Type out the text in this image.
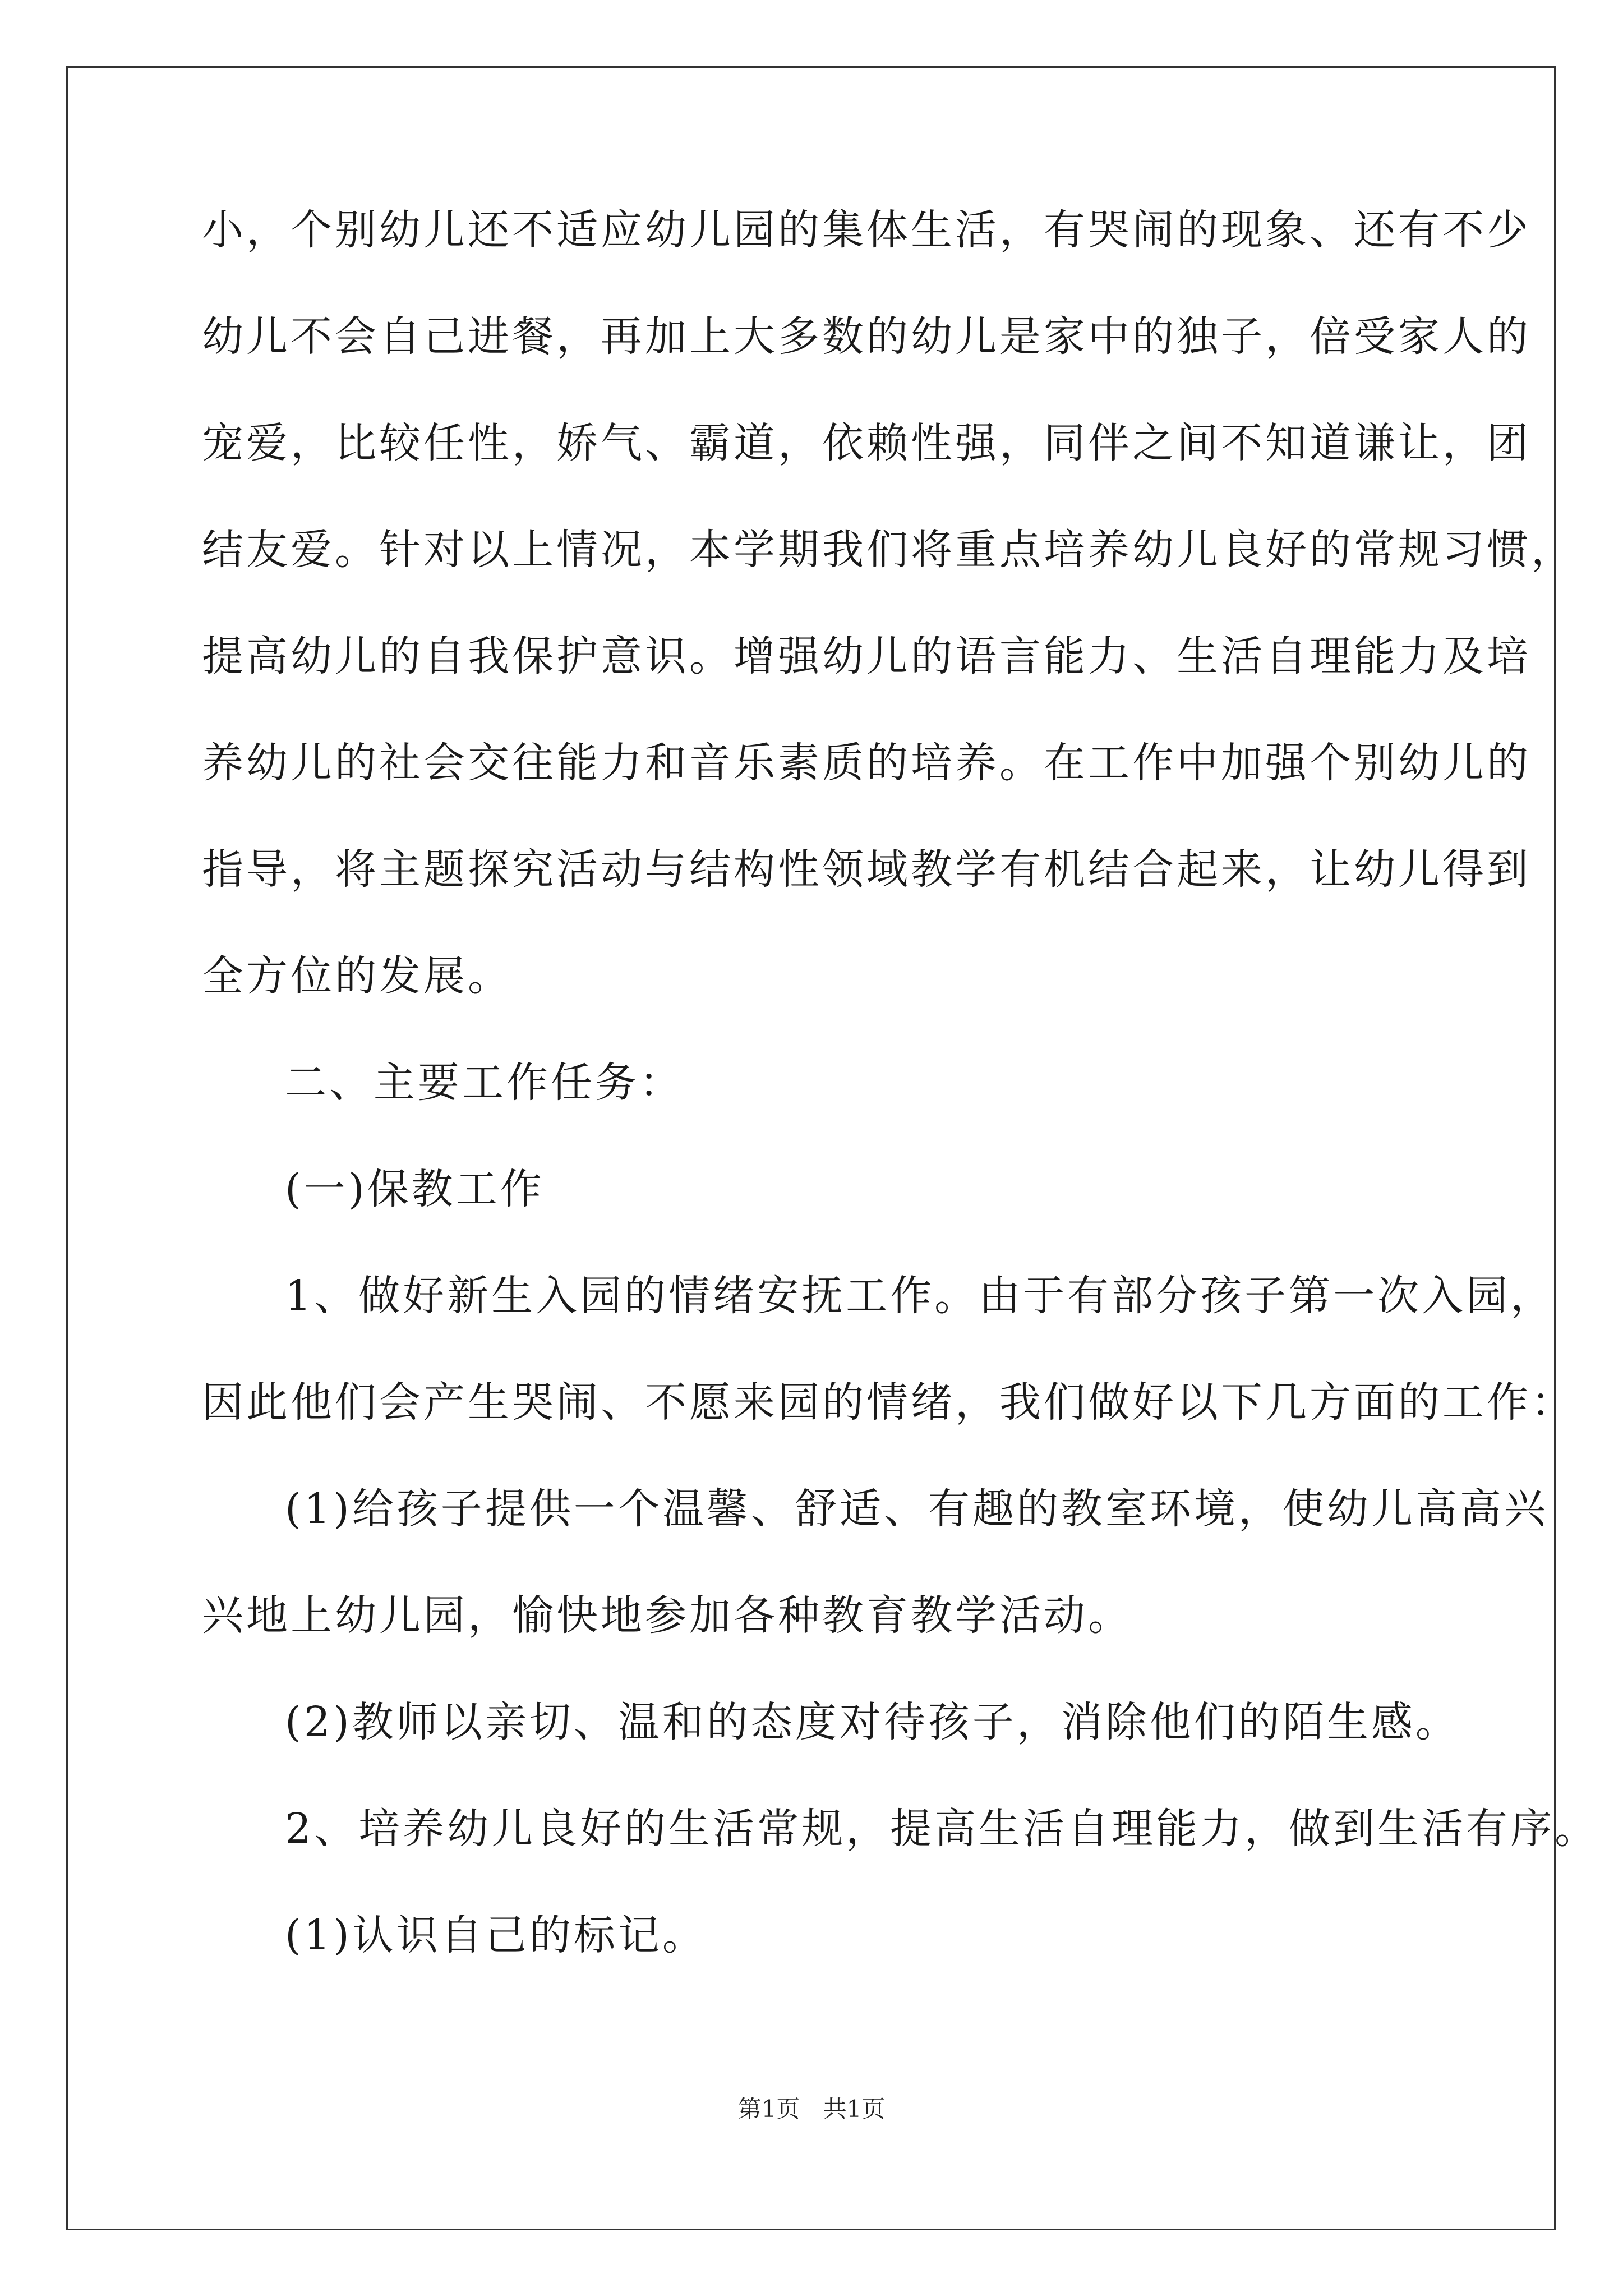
小，个别幼儿还不适应幼儿园的集体生活，有哭闹的现象、还有不少
幼儿不会自己进餐，再加上大多数的幼儿是家中的独子，倍受家人的
宠爱，比较任性，娇气、霸道，依赖性强，同伴之间不知道谦让，团
结友爱。针对以上情况，本学期我们将重点培养幼儿良好的常规习惯，
提高幼儿的自我保护意识。增强幼儿的语言能力、生活自理能力及培
养幼儿的社会交往能力和音乐素质的培养。在工作中加强个别幼儿的
指导，将主题探究活动与结构性领域教学有机结合起来，让幼儿得到
全方位的发展。
二、主要工作任务：
(一)保教工作
1、做好新生入园的情绪安抚工作。由于有部分孩子第一次入园，
因此他们会产生哭闹、不愿来园的情绪，我们做好以下几方面的工作：
(1)给孩子提供一个温馨、舒适、有趣的教室环境，使幼儿高高兴
兴地上幼儿园，愉快地参加各种教育教学活动。
(2)教师以亲切、温和的态度对待孩子，消除他们的陌生感。
2、培养幼儿良好的生活常规，提高生活自理能力，做到生活有序。
(1)认识自己的标记。
第1页 共1页
